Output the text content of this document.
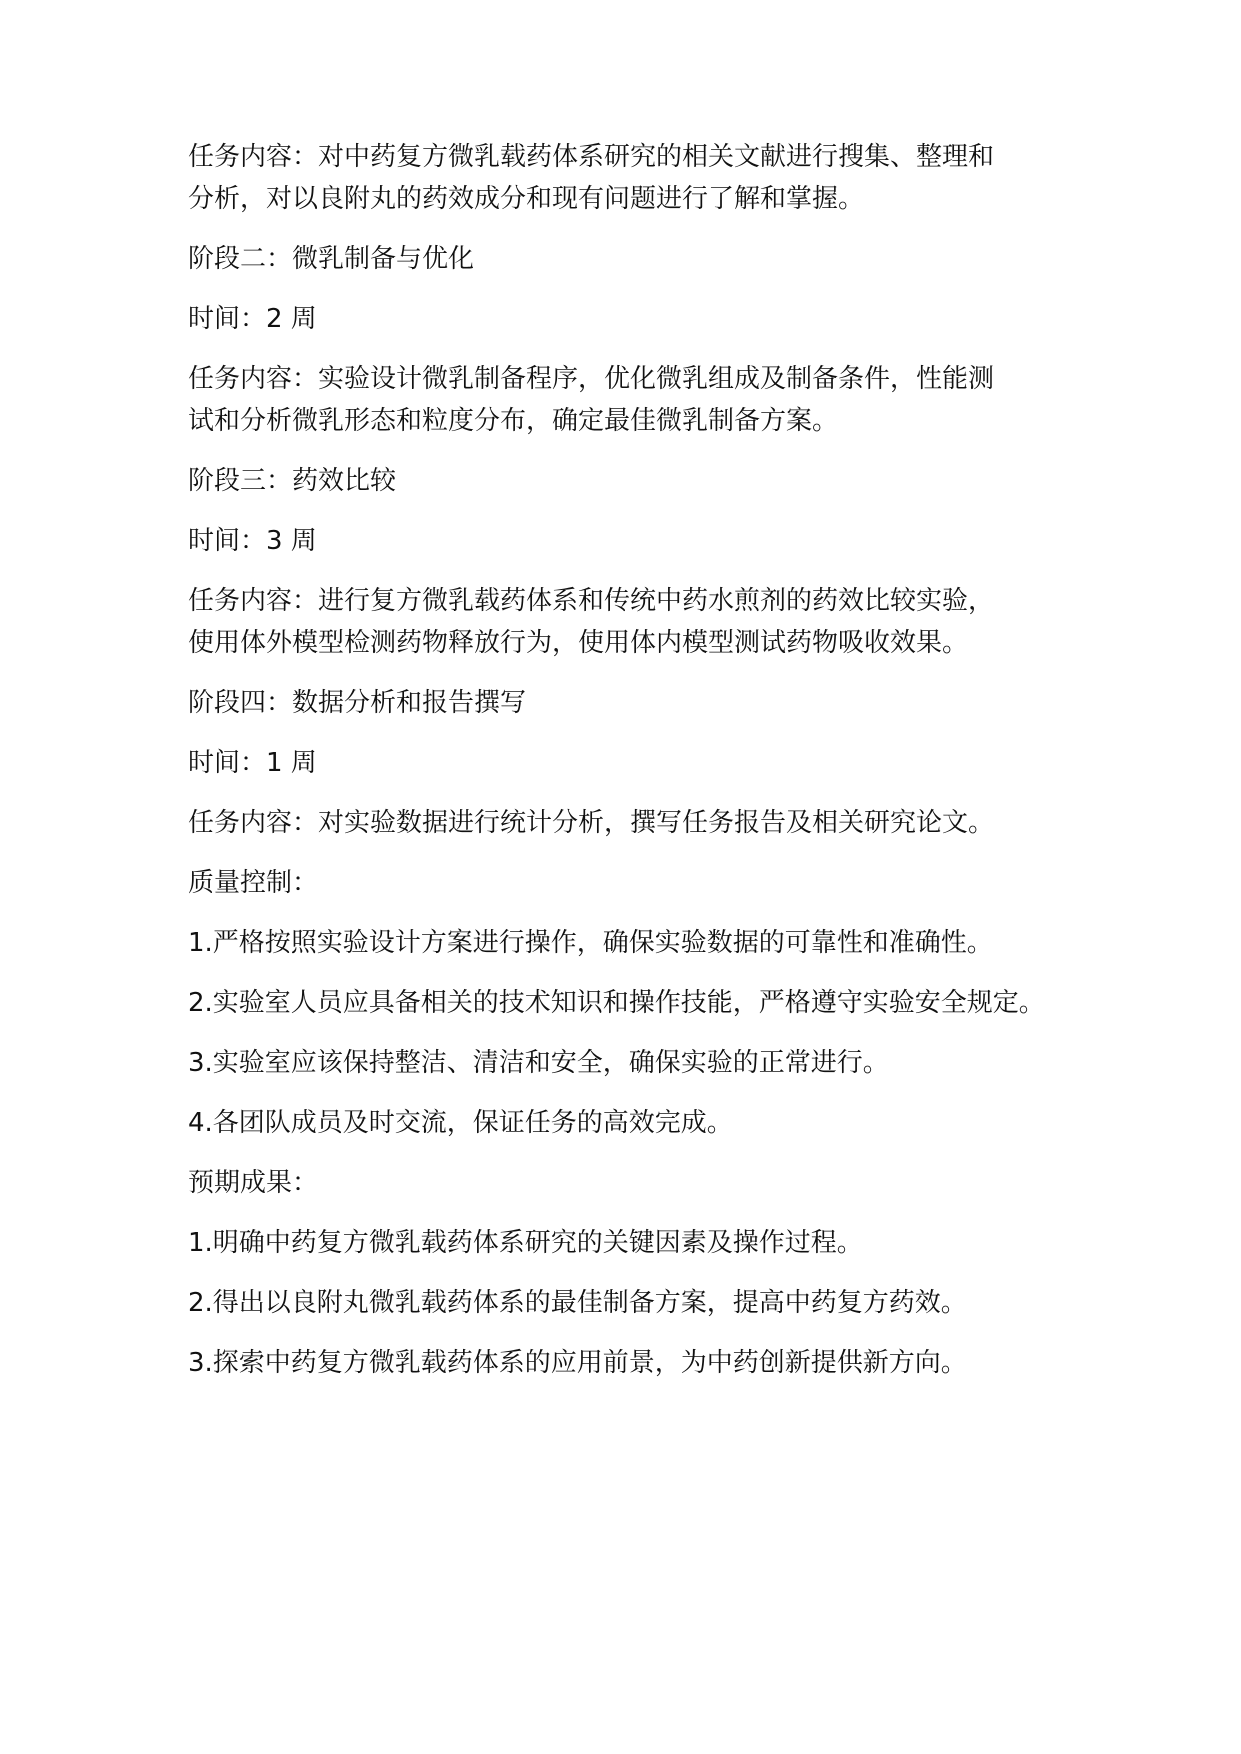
任务内容：对中药复方微乳载药体系研究的相关文献进行搜集、整理和
分析，对以良附丸的药效成分和现有问题进行了解和掌握。
阶段二：微乳制备与优化
时间：2 周
任务内容：实验设计微乳制备程序，优化微乳组成及制备条件，性能测
试和分析微乳形态和粒度分布，确定最佳微乳制备方案。
阶段三：药效比较
时间：3 周
任务内容：进行复方微乳载药体系和传统中药水煎剂的药效比较实验，
使用体外模型检测药物释放行为，使用体内模型测试药物吸收效果。
阶段四：数据分析和报告撰写
时间：1 周
任务内容：对实验数据进行统计分析，撰写任务报告及相关研究论文。
质量控制：
1.严格按照实验设计方案进行操作，确保实验数据的可靠性和准确性。
2.实验室人员应具备相关的技术知识和操作技能，严格遵守实验安全规定。
3.实验室应该保持整洁、清洁和安全，确保实验的正常进行。
4.各团队成员及时交流，保证任务的高效完成。
预期成果：
1.明确中药复方微乳载药体系研究的关键因素及操作过程。
2.得出以良附丸微乳载药体系的最佳制备方案，提高中药复方药效。
3.探索中药复方微乳载药体系的应用前景，为中药创新提供新方向。
